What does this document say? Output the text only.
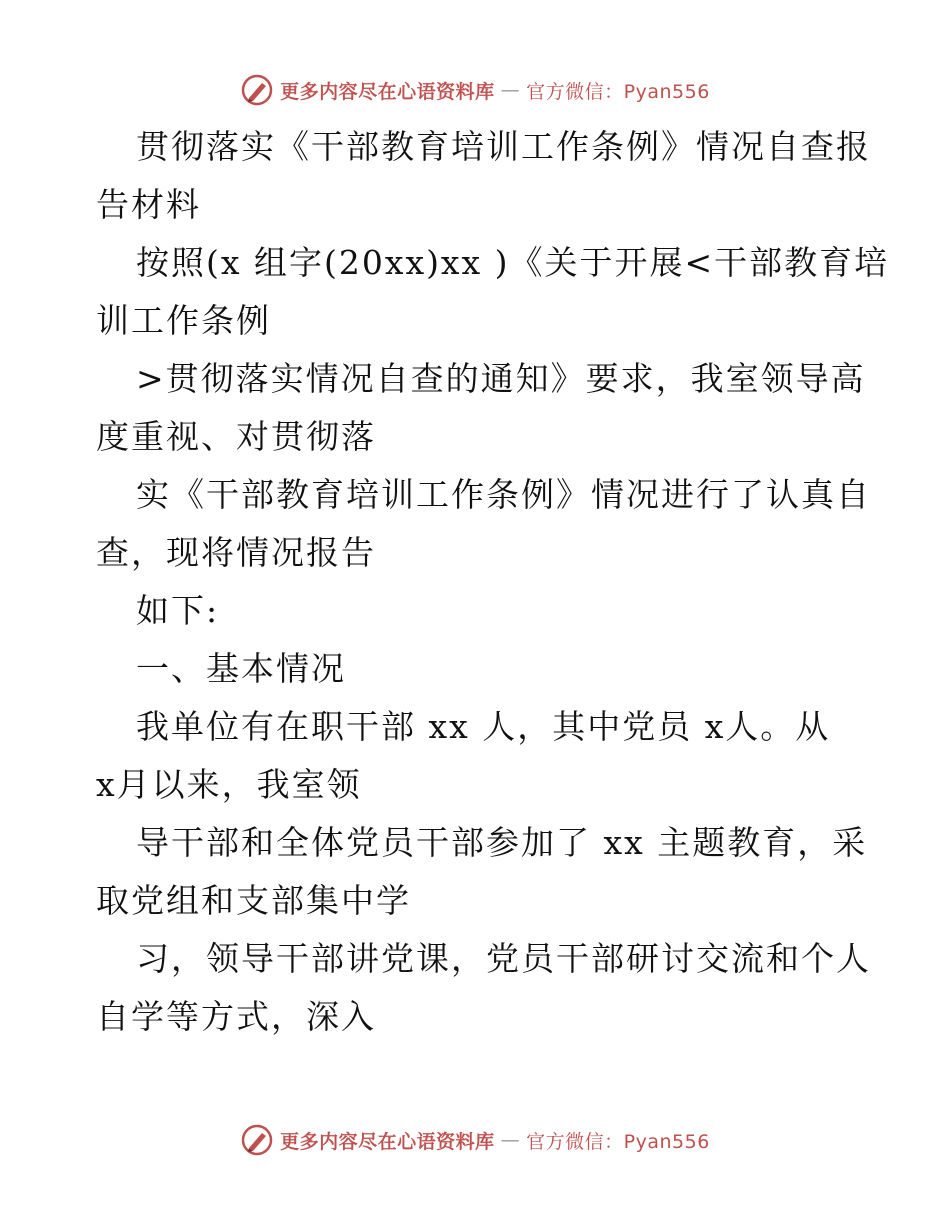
更多内容尽在心语资料库 — 官方微信：Pyan556
贯彻落实《干部教育培训工作条例》情况自查报
告材料
按照(x 组字(20xx)xx )《关于开展<干部教育培
训工作条例
>贯彻落实情况自查的通知》要求，我室领导高
度重视、对贯彻落
实《干部教育培训工作条例》情况进行了认真自
查，现将情况报告
如下:
一、基本情况
我单位有在职干部 xx 人，其中党员 x人。从
x月以来，我室领
导干部和全体党员干部参加了 xx 主题教育，采
取党组和支部集中学
习，领导干部讲党课，党员干部研讨交流和个人
自学等方式，深入
更多内容尽在心语资料库 — 官方微信：Pyan556
